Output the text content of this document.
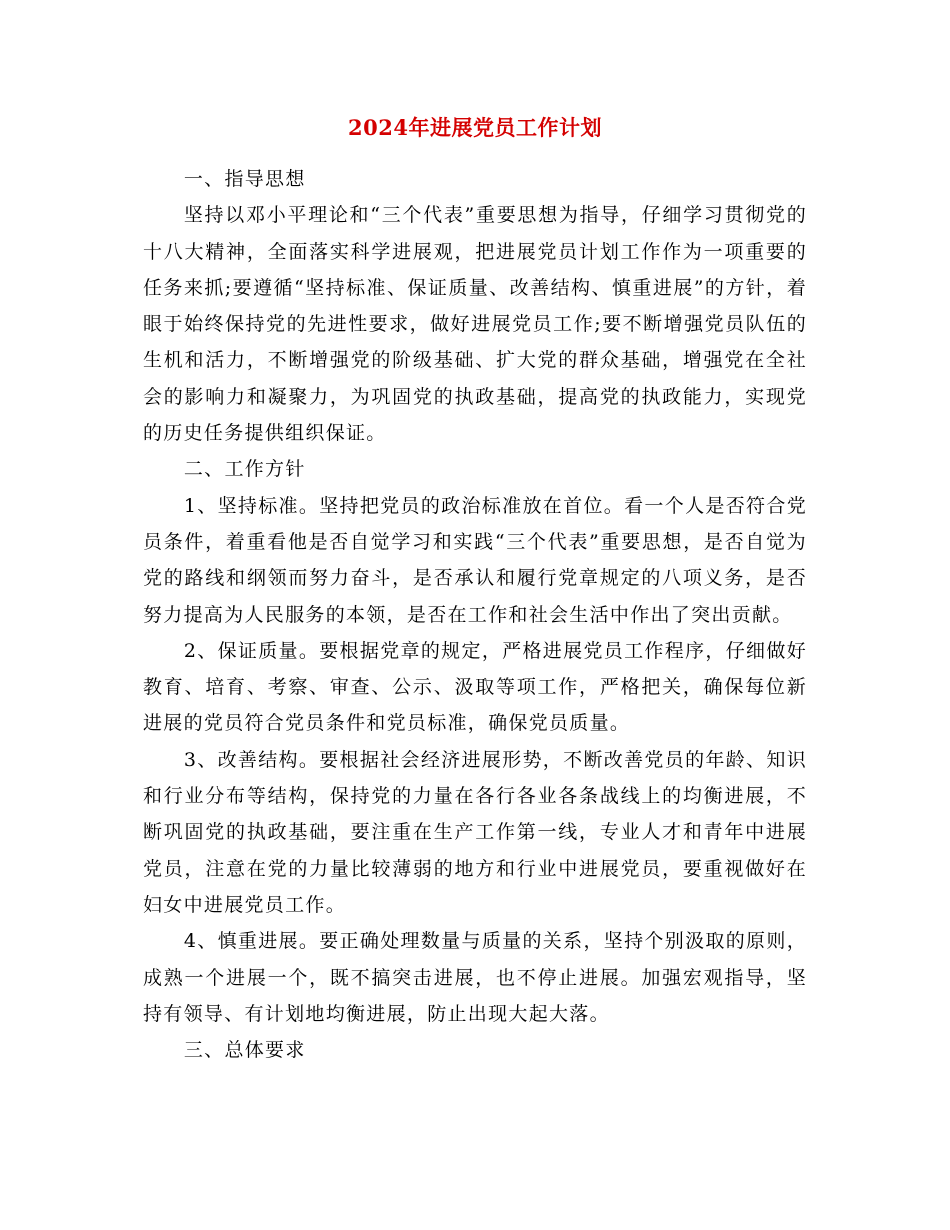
2024年进展党员工作计划

一、指导思想

坚持以邓小平理论和“三个代表”重要思想为指导，仔细学习贯彻党的十八大精神，全面落实科学进展观，把进展党员计划工作作为一项重要的任务来抓;要遵循“坚持标准、保证质量、改善结构、慎重进展”的方针，着眼于始终保持党的先进性要求，做好进展党员工作;要不断增强党员队伍的生机和活力，不断增强党的阶级基础、扩大党的群众基础，增强党在全社会的影响力和凝聚力，为巩固党的执政基础，提高党的执政能力，实现党的历史任务提供组织保证。

二、工作方针

1、坚持标准。坚持把党员的政治标准放在首位。看一个人是否符合党员条件，着重看他是否自觉学习和实践“三个代表”重要思想，是否自觉为党的路线和纲领而努力奋斗，是否承认和履行党章规定的八项义务，是否努力提高为人民服务的本领，是否在工作和社会生活中作出了突出贡献。

2、保证质量。要根据党章的规定，严格进展党员工作程序，仔细做好教育、培育、考察、审查、公示、汲取等项工作，严格把关，确保每位新进展的党员符合党员条件和党员标准，确保党员质量。

3、改善结构。要根据社会经济进展形势，不断改善党员的年龄、知识和行业分布等结构，保持党的力量在各行各业各条战线上的均衡进展，不断巩固党的执政基础，要注重在生产工作第一线，专业人才和青年中进展党员，注意在党的力量比较薄弱的地方和行业中进展党员，要重视做好在妇女中进展党员工作。

4、慎重进展。要正确处理数量与质量的关系，坚持个别汲取的原则，成熟一个进展一个，既不搞突击进展，也不停止进展。加强宏观指导，坚持有领导、有计划地均衡进展，防止出现大起大落。

三、总体要求
